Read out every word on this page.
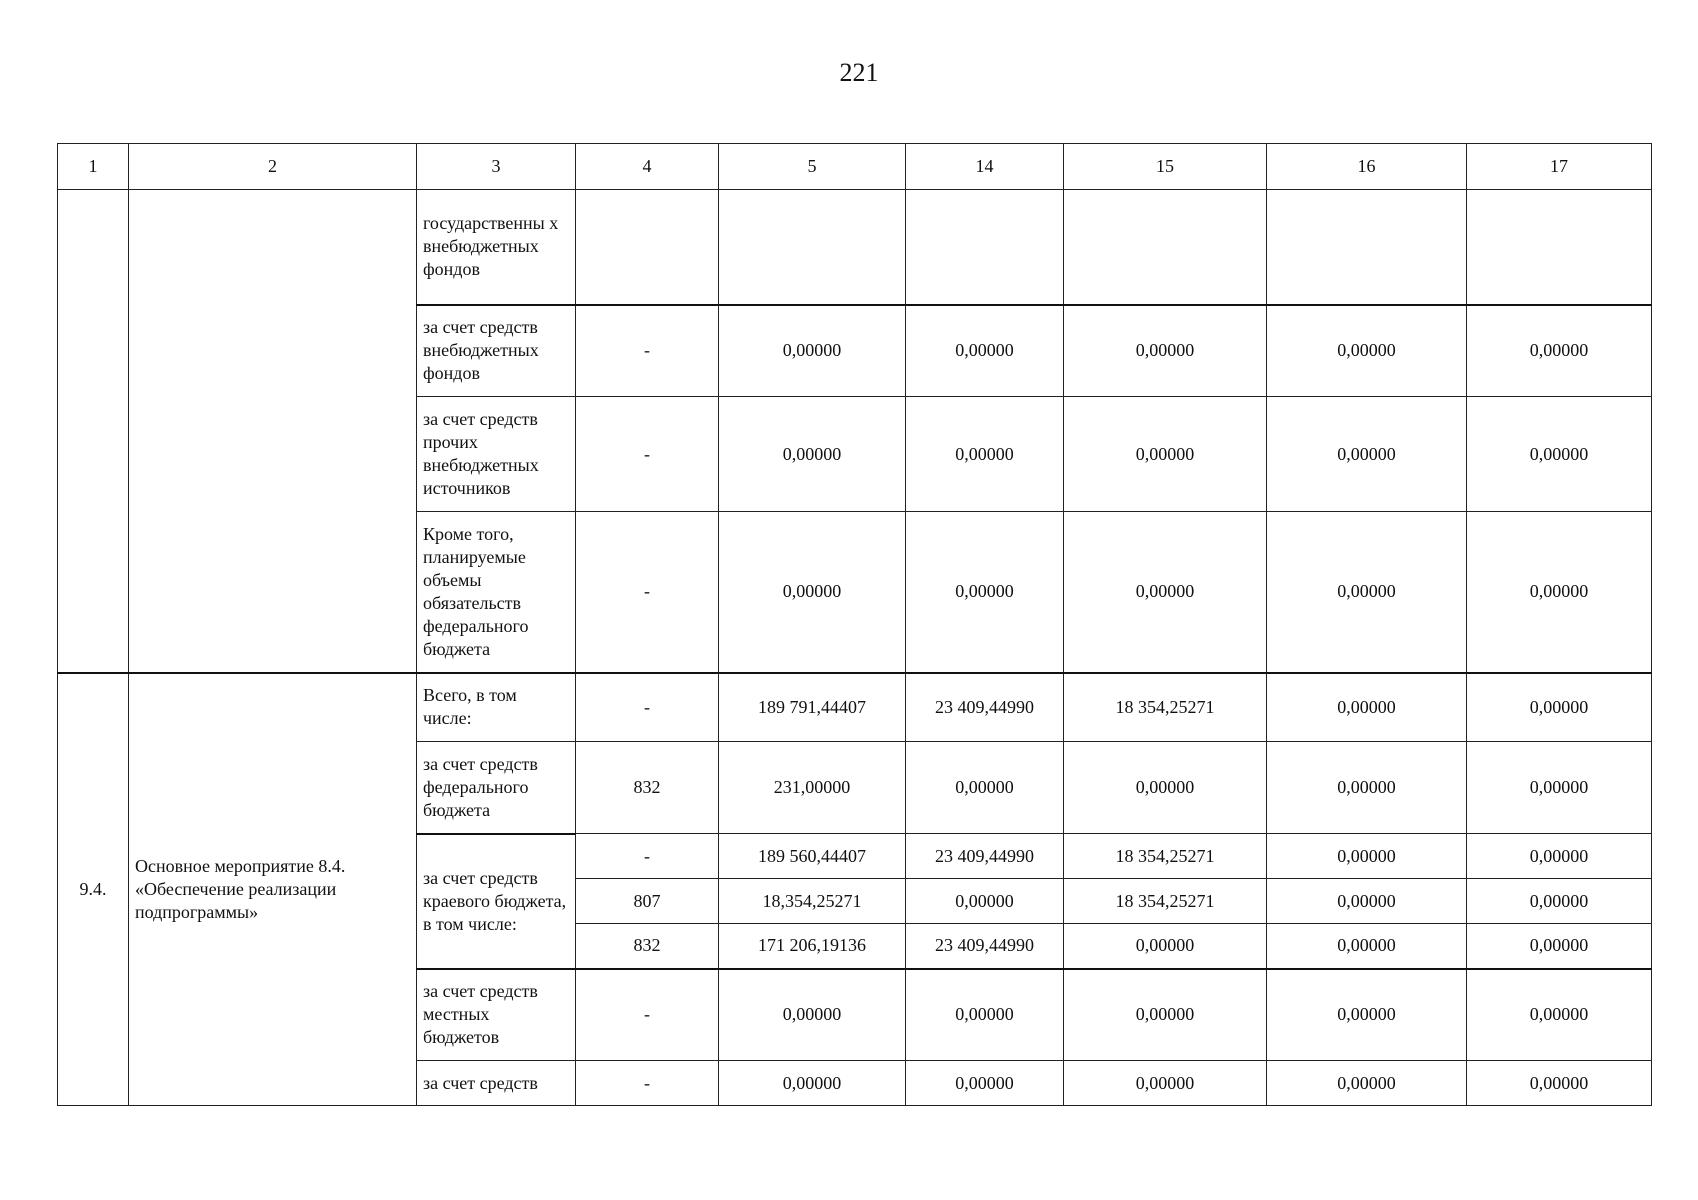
221
1	2	3	4	5	14	15	16	17
		государственны х внебюджетных фондов						
		за счет средств внебюджетных фондов	-	0,00000	0,00000	0,00000	0,00000	0,00000
		за счет средств прочих внебюджетных источников	-	0,00000	0,00000	0,00000	0,00000	0,00000
		Кроме того, планируемые объемы обязательств федерального бюджета	-	0,00000	0,00000	0,00000	0,00000	0,00000
9.4.	Основное мероприятие 8.4. «Обеспечение реализации подпрограммы»	Всего, в том числе:	-	189 791,44407	23 409,44990	18 354,25271	0,00000	0,00000
		за счет средств федерального бюджета	832	231,00000	0,00000	0,00000	0,00000	0,00000
		за счет средств краевого бюджета, в том числе:	-	189 560,44407	23 409,44990	18 354,25271	0,00000	0,00000
			807	18,354,25271	0,00000	18 354,25271	0,00000	0,00000
			832	171 206,19136	23 409,44990	0,00000	0,00000	0,00000
		за счет средств местных бюджетов	-	0,00000	0,00000	0,00000	0,00000	0,00000
		за счет средств	-	0,00000	0,00000	0,00000	0,00000	0,00000
